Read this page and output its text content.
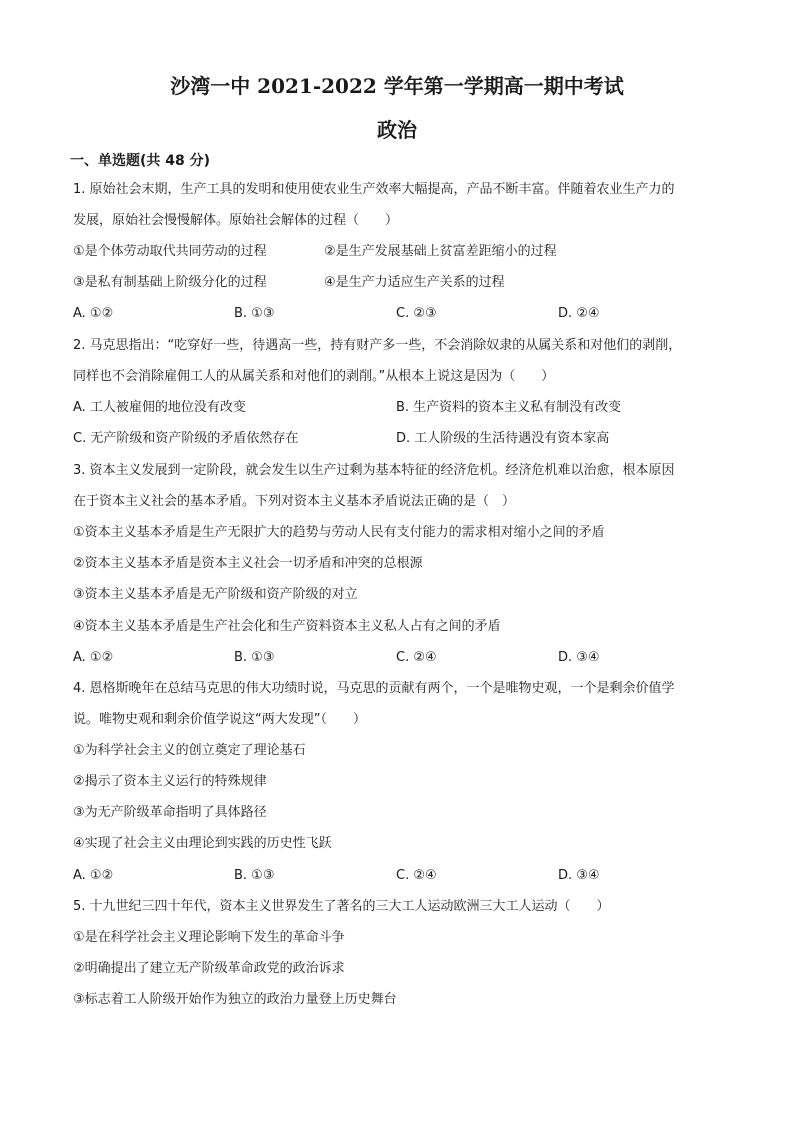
沙湾一中 2021-2022 学年第一学期高一期中考试
政治
一、单选题(共 48 分)
1. 原始社会末期，生产工具的发明和使用使农业生产效率大幅提高，产品不断丰富。伴随着农业生产力的
发展，原始社会慢慢解体。原始社会解体的过程（　　）
①是个体劳动取代共同劳动的过程	②是生产发展基础上贫富差距缩小的过程
③是私有制基础上阶级分化的过程	④是生产力适应生产关系的过程
A. ①②	B. ①③	C. ②③	D. ②④
2. 马克思指出：“吃穿好一些，待遇高一些，持有财产多一些，不会消除奴隶的从属关系和对他们的剥削，
同样也不会消除雇佣工人的从属关系和对他们的剥削。”从根本上说这是因为（　　）
A. 工人被雇佣的地位没有改变	B. 生产资料的资本主义私有制没有改变
C. 无产阶级和资产阶级的矛盾依然存在	D. 工人阶级的生活待遇没有资本家高
3. 资本主义发展到一定阶段，就会发生以生产过剩为基本特征的经济危机。经济危机难以治愈，根本原因
在于资本主义社会的基本矛盾。下列对资本主义基本矛盾说法正确的是（　）
①资本主义基本矛盾是生产无限扩大的趋势与劳动人民有支付能力的需求相对缩小之间的矛盾
②资本主义基本矛盾是资本主义社会一切矛盾和冲突的总根源
③资本主义基本矛盾是无产阶级和资产阶级的对立
④资本主义基本矛盾是生产社会化和生产资料资本主义私人占有之间的矛盾
A. ①②	B. ①③	C. ②④	D. ③④
4. 恩格斯晚年在总结马克思的伟大功绩时说，马克思的贡献有两个，一个是唯物史观，一个是剩余价值学
说。唯物史观和剩余价值学说这“两大发现”（　　）
①为科学社会主义的创立奠定了理论基石
②揭示了资本主义运行的特殊规律
③为无产阶级革命指明了具体路径
④实现了社会主义由理论到实践的历史性飞跃
A. ①②	B. ①③	C. ②④	D. ③④
5. 十九世纪三四十年代，资本主义世界发生了著名的三大工人运动欧洲三大工人运动（　　）
①是在科学社会主义理论影响下发生的革命斗争
②明确提出了建立无产阶级革命政党的政治诉求
③标志着工人阶级开始作为独立的政治力量登上历史舞台
